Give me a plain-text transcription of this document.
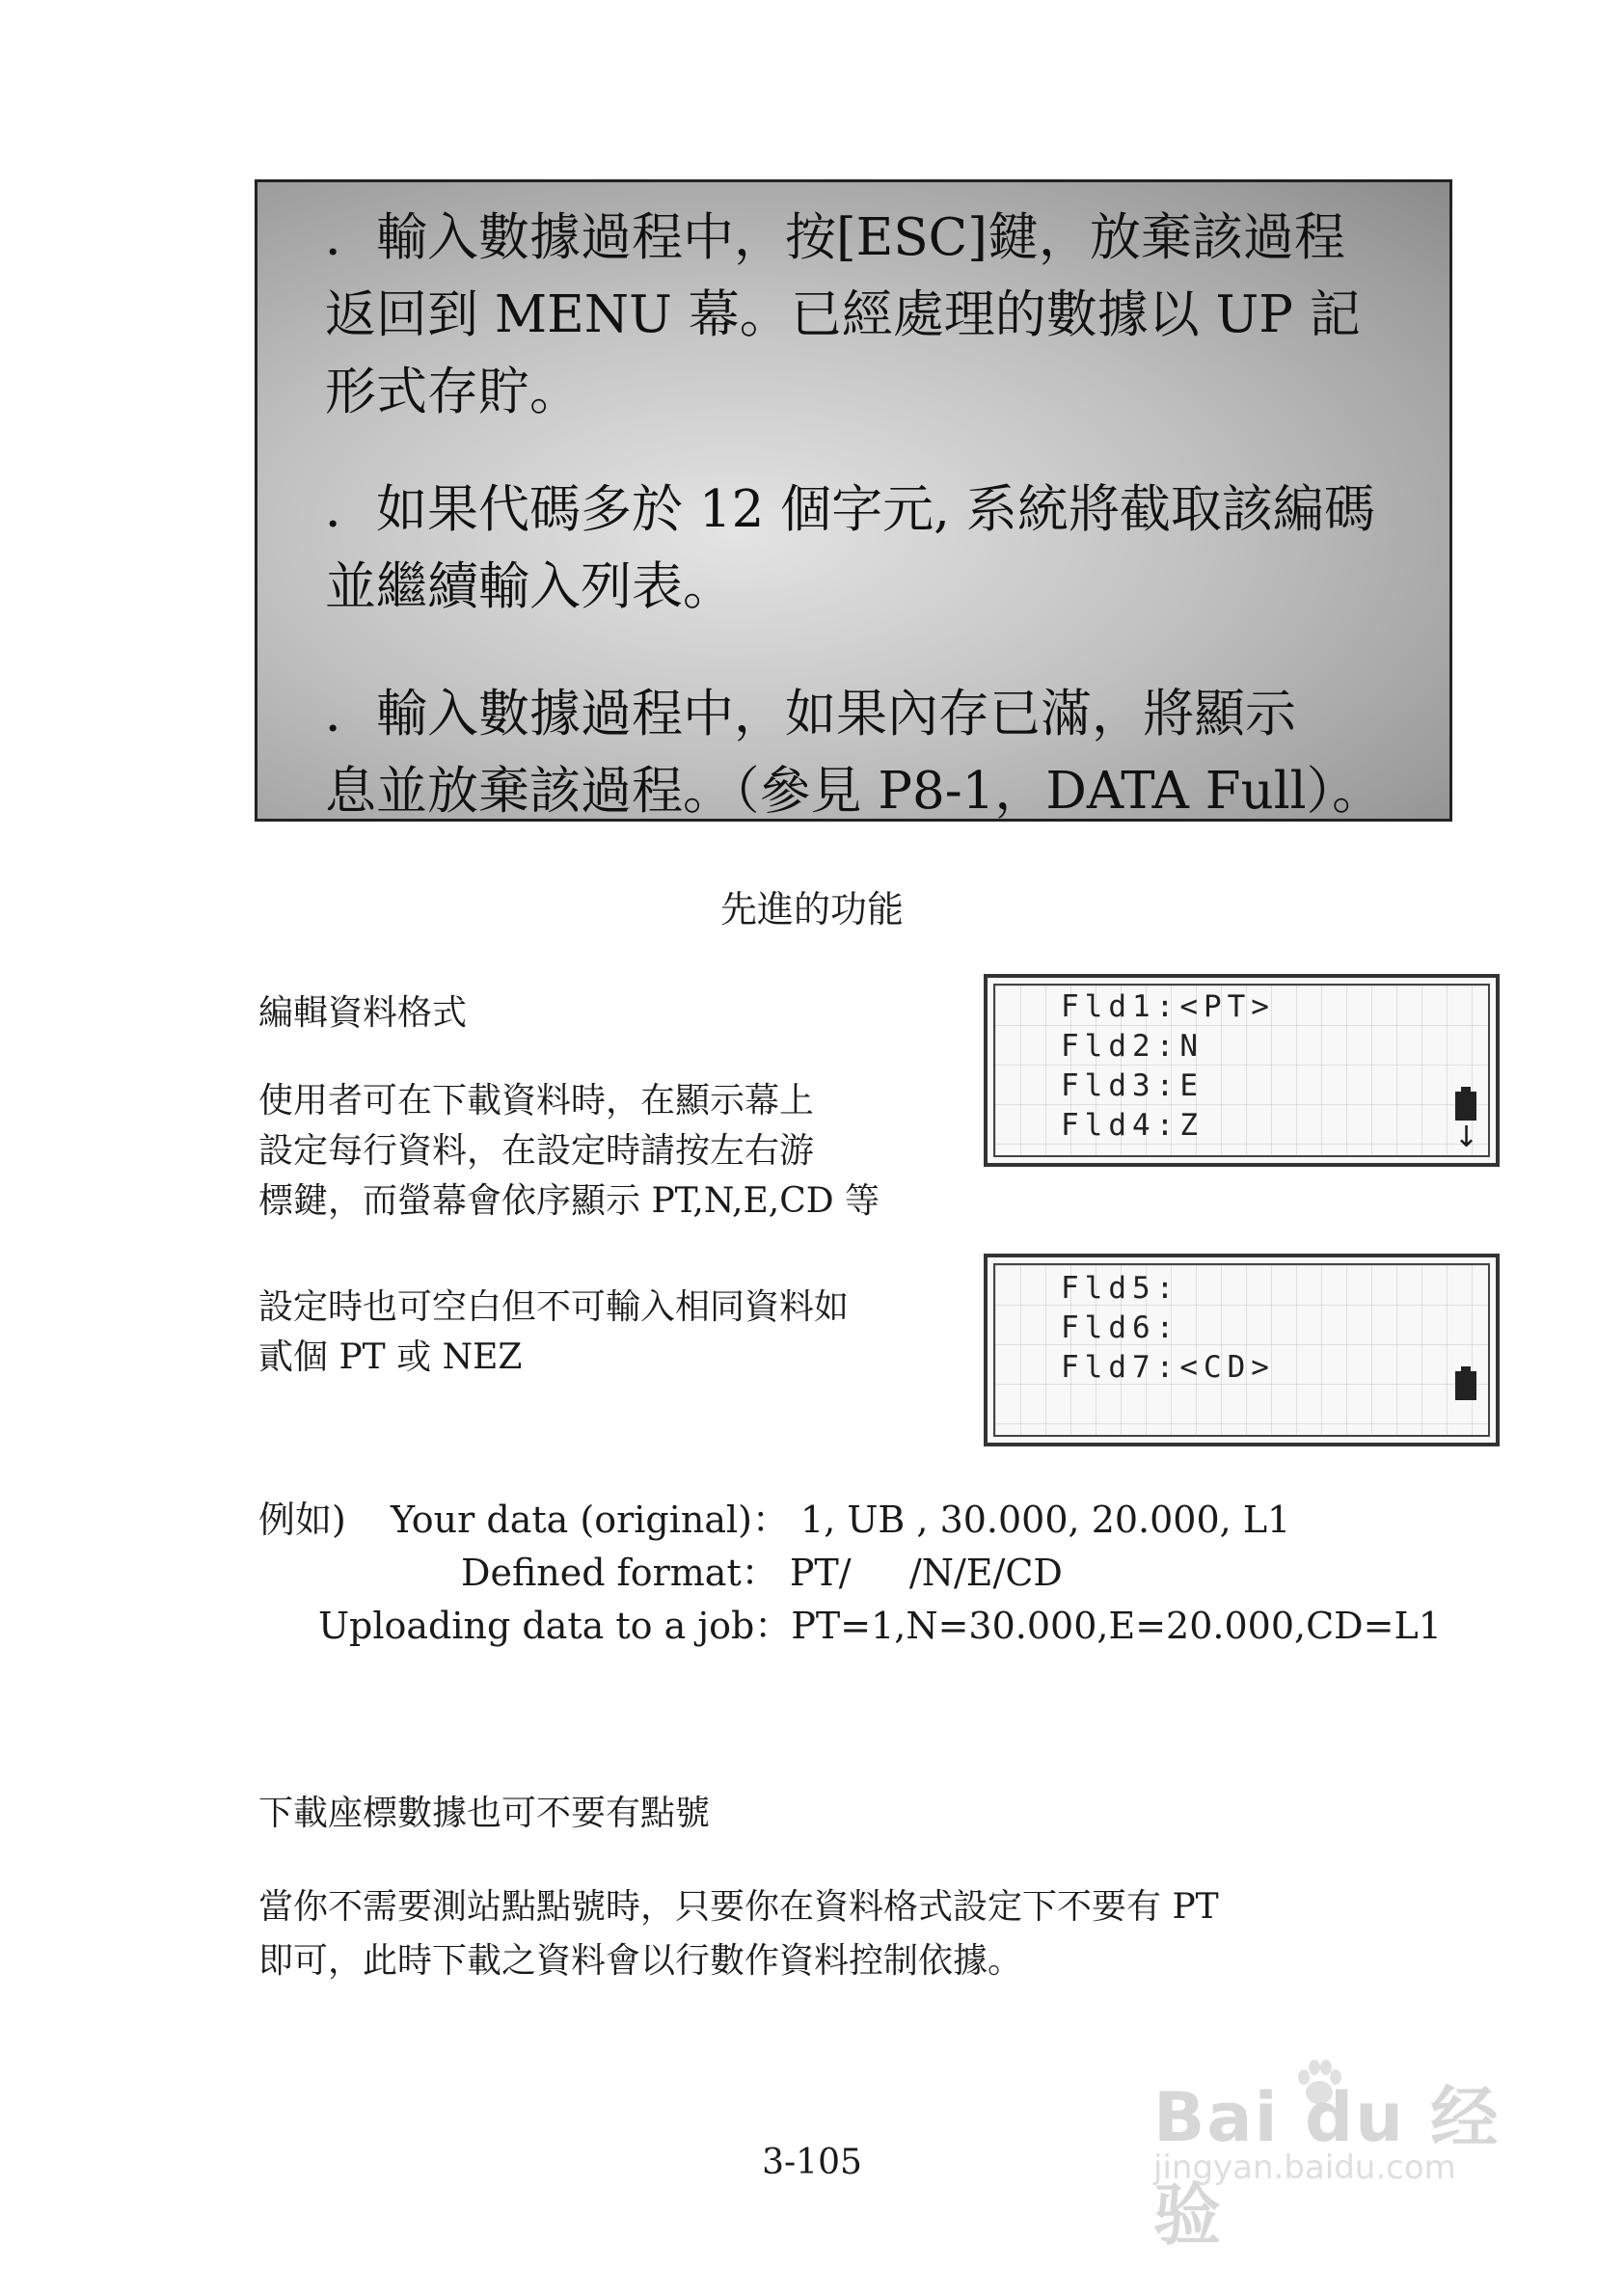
．輸入數據過程中，按[ESC]鍵，放棄該過程
返回到 MENU 幕。已經處理的數據以 UP 記
形式存貯。

．如果代碼多於 12 個字元, 系統將截取該編碼
並繼續輸入列表。

．輸入數據過程中，如果內存已滿，將顯示
息並放棄該過程。（參見 P8-1，DATA Full）。

先進的功能
編輯資料格式
使用者可在下載資料時，在顯示幕上
設定每行資料，在設定時請按左右游
標鍵，而螢幕會依序顯示 PT,N,E,CD 等
設定時也可空白但不可輸入相同資料如
貳個 PT 或 NEZ
Fld1:<PT>
Fld2:N
Fld3:E
Fld4:Z	↓
Fld5:
Fld6:
Fld7:<CD>
例如) Your data (original)： 1, UB , 30.000, 20.000, L1
Defined format： PT/     /N/E/CD
Uploading data to a job：PT=1,N=30.000,E=20.000,CD=L1
下載座標數據也可不要有點號
當你不需要測站點點號時，只要你在資料格式設定下不要有 PT
即可，此時下載之資料會以行數作資料控制依據。
3-105
Bai du 经验
jingyan.baidu.com
